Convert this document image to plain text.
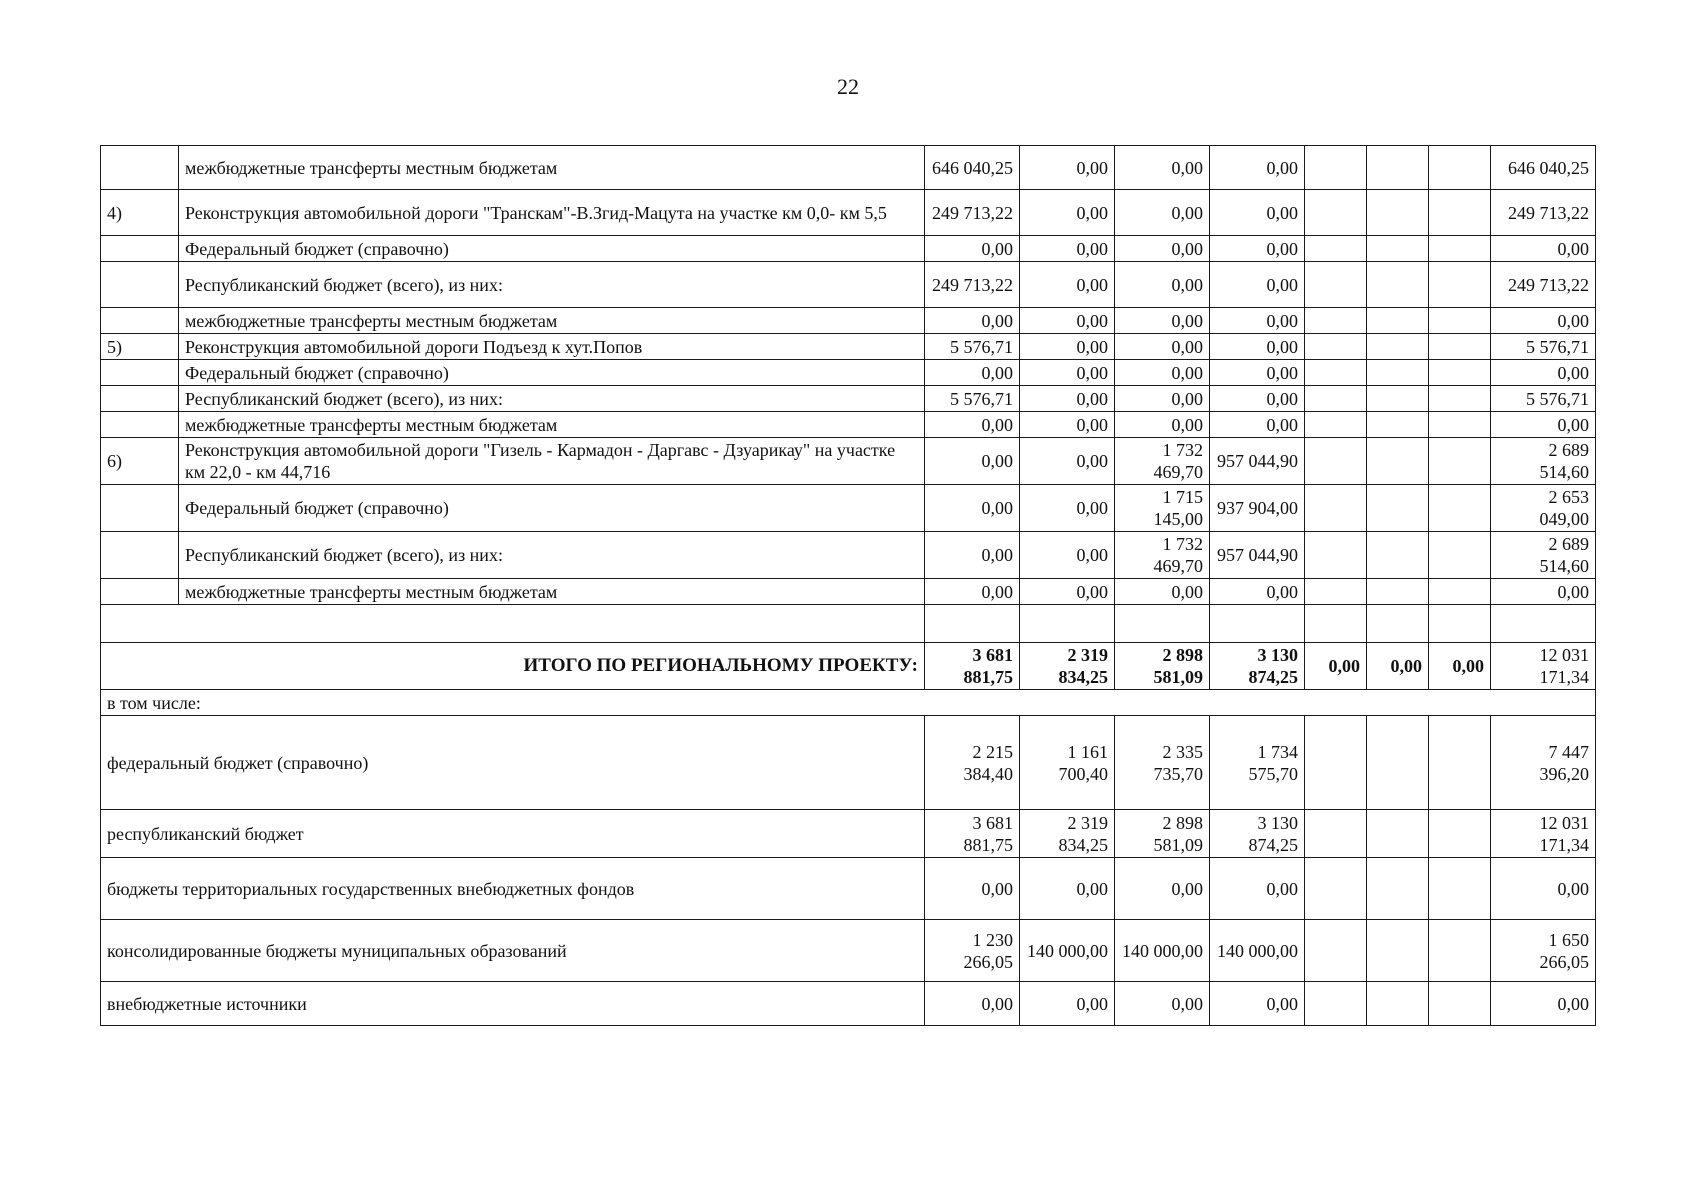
22
	межбюджетные трансферты местным бюджетам	646 040,25	0,00	0,00	0,00				646 040,25
4)	Реконструкция автомобильной дороги "Транскам"-В.Згид-Мацута на участке км 0,0- км 5,5	249 713,22	0,00	0,00	0,00				249 713,22
	Федеральный бюджет (справочно)	0,00	0,00	0,00	0,00				0,00
	Республиканский бюджет (всего), из них:	249 713,22	0,00	0,00	0,00				249 713,22
	межбюджетные трансферты местным бюджетам	0,00	0,00	0,00	0,00				0,00
5)	Реконструкция автомобильной дороги Подъезд к хут.Попов	5 576,71	0,00	0,00	0,00				5 576,71
	Федеральный бюджет (справочно)	0,00	0,00	0,00	0,00				0,00
	Республиканский бюджет (всего), из них:	5 576,71	0,00	0,00	0,00				5 576,71
	межбюджетные трансферты местным бюджетам	0,00	0,00	0,00	0,00				0,00
6)	Реконструкция автомобильной дороги "Гизель - Кармадон - Даргавс - Дзуарикау" на участке км 22,0 - км 44,716	0,00	0,00	1 732 469,70	957 044,90				2 689 514,60
	Федеральный бюджет (справочно)	0,00	0,00	1 715 145,00	937 904,00				2 653 049,00
	Республиканский бюджет (всего), из них:	0,00	0,00	1 732 469,70	957 044,90				2 689 514,60
	межбюджетные трансферты местным бюджетам	0,00	0,00	0,00	0,00				0,00

ИТОГО ПО РЕГИОНАЛЬНОМУ ПРОЕКТУ:		3 681 881,75	2 319 834,25	2 898 581,09	3 130 874,25	0,00	0,00	0,00	12 031 171,34
в том числе:									
федеральный бюджет (справочно)		2 215 384,40	1 161 700,40	2 335 735,70	1 734 575,70				7 447 396,20
республиканский бюджет		3 681 881,75	2 319 834,25	2 898 581,09	3 130 874,25				12 031 171,34
бюджеты территориальных государственных внебюджетных фондов		0,00	0,00	0,00	0,00				0,00
консолидированные бюджеты муниципальных образований		1 230 266,05	140 000,00	140 000,00	140 000,00				1 650 266,05
внебюджетные источники		0,00	0,00	0,00	0,00				0,00
